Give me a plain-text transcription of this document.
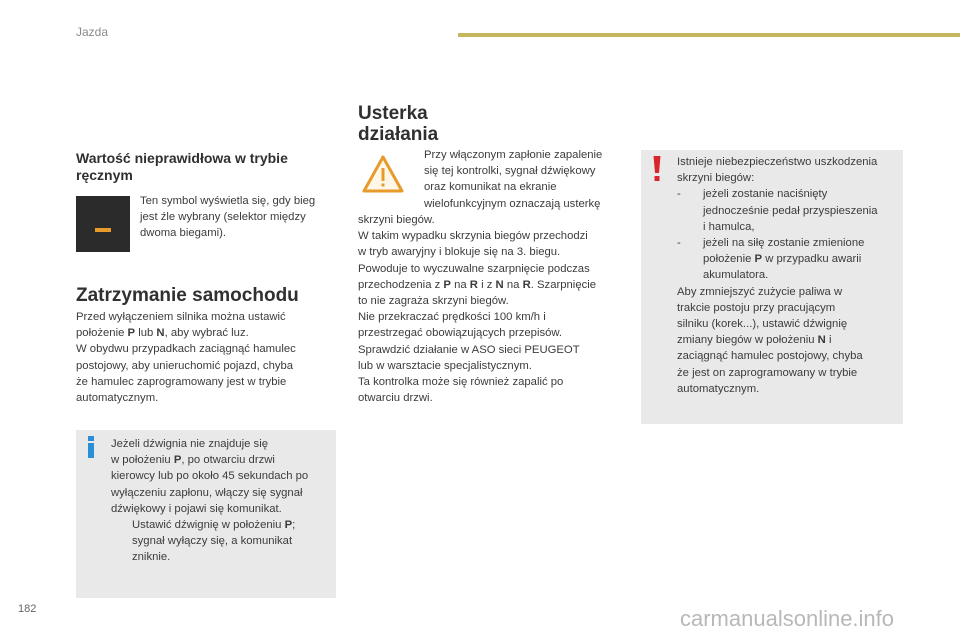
Jazda
Wartość nieprawidłowa w trybie
ręcznym
Ten symbol wyświetla się, gdy bieg
jest źle wybrany (selektor między
dwoma biegami).
Zatrzymanie samochodu
Przed wyłączeniem silnika można ustawić
położenie P lub N, aby wybrać luz.
W obydwu przypadkach zaciągnąć hamulec
postojowy, aby unieruchomić pojazd, chyba
że hamulec zaprogramowany jest w trybie
automatycznym.
Jeżeli dźwignia nie znajduje się
w położeniu P, po otwarciu drzwi
kierowcy lub po około 45 sekundach po
wyłączeniu zapłonu, włączy się sygnał
dźwiękowy i pojawi się komunikat.
Ustawić dźwignię w położeniu P;
sygnał wyłączy się, a komunikat
zniknie.
Usterka
działania
Przy włączonym zapłonie zapalenie
się tej kontrolki, sygnał dźwiękowy
oraz komunikat na ekranie
wielofunkcyjnym oznaczają usterkę
skrzyni biegów.
W takim wypadku skrzynia biegów przechodzi
w tryb awaryjny i blokuje się na 3. biegu.
Powoduje to wyczuwalne szarpnięcie podczas
przechodzenia z P na R i z N na R. Szarpnięcie
to nie zagraża skrzyni biegów.
Nie przekraczać prędkości 100 km/h i
przestrzegać obowiązujących przepisów.
Sprawdzić działanie w ASO sieci PEUGEOT
lub w warsztacie specjalistycznym.
Ta kontrolka może się również zapalić po
otwarciu drzwi.
Istnieje niebezpieczeństwo uszkodzenia
skrzyni biegów:
- jeżeli zostanie naciśnięty
jednocześnie pedał przyspieszenia
i hamulca,
- jeżeli na siłę zostanie zmienione
położenie P w przypadku awarii
akumulatora.
Aby zmniejszyć zużycie paliwa w
trakcie postoju przy pracującym
silniku (korek...), ustawić dźwignię
zmiany biegów w położeniu N i
zaciągnąć hamulec postojowy, chyba
że jest on zaprogramowany w trybie
automatycznym.
182	carmanualsonline.info
